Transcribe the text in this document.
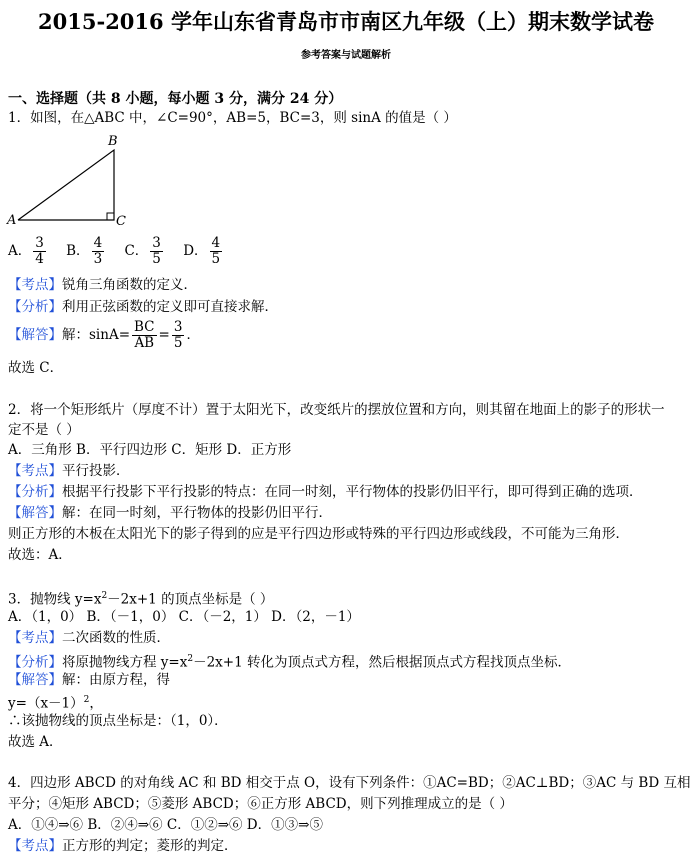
2015-2016 学年山东省青岛市市南区九年级（上）期末数学试卷
参考答案与试题解析
一、选择题（共 8 小题，每小题 3 分，满分 24 分）
1．如图，在△ABC 中，∠C=90°，AB=5，BC=3，则 sinA 的值是（ ）
A
B
C
A． $\frac{3}{4}$ B． $\frac{4}{3}$ C． $\frac{3}{5}$ D． $\frac{4}{5}$
【考点】锐角三角函数的定义．
【分析】利用正弦函数的定义即可直接求解．
【解答】解：$\sin A= \frac{BC}{AB} = \frac{3}{5}$ ．
故选 C．
2．将一个矩形纸片（厚度不计）置于太阳光下，改变纸片的摆放位置和方向，则其留在地面上的影子的形状一
定不是（ ）
A．三角形 B．平行四边形 C．矩形 D．正方形
【考点】平行投影．
【分析】根据平行投影下平行投影的特点：在同一时刻，平行物体的投影仍旧平行，即可得到正确的选项．
【解答】解：在同一时刻，平行物体的投影仍旧平行．
则正方形的木板在太阳光下的影子得到的应是平行四边形或特殊的平行四边形或线段，不可能为三角形．
故选：A．
3．抛物线 $y=x^2-2x+1$ 的顶点坐标是（ ）
A．（1，0） B．（－1，0） C．（－2，1） D．（2，－1）
【考点】二次函数的性质．
【分析】将原抛物线方程 $y=x^2-2x+1$ 转化为顶点式方程，然后根据顶点式方程找顶点坐标．
【解答】解：由原方程，得
$y=(x-1)^2$，
∴该抛物线的顶点坐标是：（1，0）．
故选 A．
4．四边形 ABCD 的对角线 AC 和 BD 相交于点 O，设有下列条件：①AC=BD；②AC⊥BD；③AC 与 BD 互相
平分；④矩形 ABCD；⑤菱形 ABCD；⑥正方形 ABCD，则下列推理成立的是（ ）
A．①④⇒⑥ B．②④⇒⑥ C．①②⇒⑥ D．①③⇒⑤
【考点】正方形的判定；菱形的判定．
